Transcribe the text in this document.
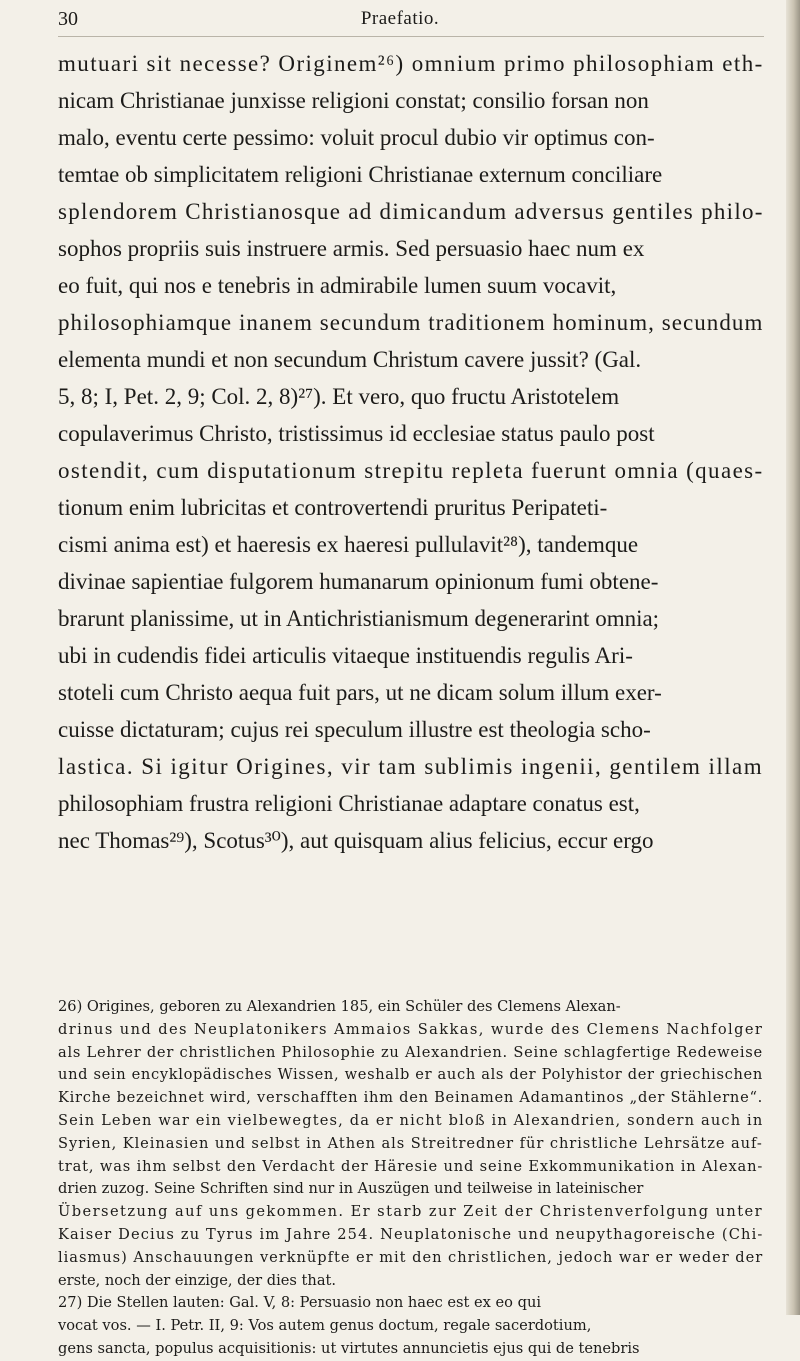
30	Praefatio.
mutuari sit necesse? Originem²⁶) omnium primo philosophiam eth-
nicam Christianae junxisse religioni constat; consilio forsan non
malo, eventu certe pessimo: voluit procul dubio vir optimus con-
temtae ob simplicitatem religioni Christianae externum conciliare
splendorem Christianosque ad dimicandum adversus gentiles philo-
sophos propriis suis instruere armis. Sed persuasio haec num ex
eo fuit, qui nos e tenebris in admirabile lumen suum vocavit,
philosophiamque inanem secundum traditionem hominum, secundum
elementa mundi et non secundum Christum cavere jussit? (Gal.
5, 8; I, Pet. 2, 9; Col. 2, 8)²⁷). Et vero, quo fructu Aristotelem
copulaverimus Christo, tristissimus id ecclesiae status paulo post
ostendit, cum disputationum strepitu repleta fuerunt omnia (quaes-
tionum enim lubricitas et controvertendi pruritus Peripateti-
cismi anima est) et haeresis ex haeresi pullulavit²⁸), tandemque
divinae sapientiae fulgorem humanarum opinionum fumi obtene-
brarunt planissime, ut in Antichristianismum degenerarint omnia;
ubi in cudendis fidei articulis vitaeque instituendis regulis Ari-
stoteli cum Christo aequa fuit pars, ut ne dicam solum illum exer-
cuisse dictaturam; cujus rei speculum illustre est theologia scho-
lastica. Si igitur Origines, vir tam sublimis ingenii, gentilem illam
philosophiam frustra religioni Christianae adaptare conatus est,
nec Thomas²⁹), Scotus³⁰), aut quisquam alius felicius, eccur ergo
26) Origines, geboren zu Alexandrien 185, ein Schüler des Clemens Alexan-
drinus und des Neuplatonikers Ammaios Sakkas, wurde des Clemens Nachfolger
als Lehrer der christlichen Philosophie zu Alexandrien. Seine schlagfertige Redeweise
und sein encyklopädisches Wissen, weshalb er auch als der Polyhistor der griechischen
Kirche bezeichnet wird, verschafften ihm den Beinamen Adamantinos „der Stählerne“.
Sein Leben war ein vielbewegtes, da er nicht bloß in Alexandrien, sondern auch in
Syrien, Kleinasien und selbst in Athen als Streitredner für christliche Lehrsätze auf-
trat, was ihm selbst den Verdacht der Häresie und seine Exkommunikation in Alexan-
drien zuzog. Seine Schriften sind nur in Auszügen und teilweise in lateinischer
Übersetzung auf uns gekommen. Er starb zur Zeit der Christenverfolgung unter
Kaiser Decius zu Tyrus im Jahre 254. Neuplatonische und neupythagoreische (Chi-
liasmus) Anschauungen verknüpfte er mit den christlichen, jedoch war er weder der
erste, noch der einzige, der dies that.
27) Die Stellen lauten: Gal. V, 8: Persuasio non haec est ex eo qui
vocat vos. — I. Petr. II, 9: Vos autem genus doctum, regale sacerdotium,
gens sancta, populus acquisitionis: ut virtutes annuncietis ejus qui de tenebris
